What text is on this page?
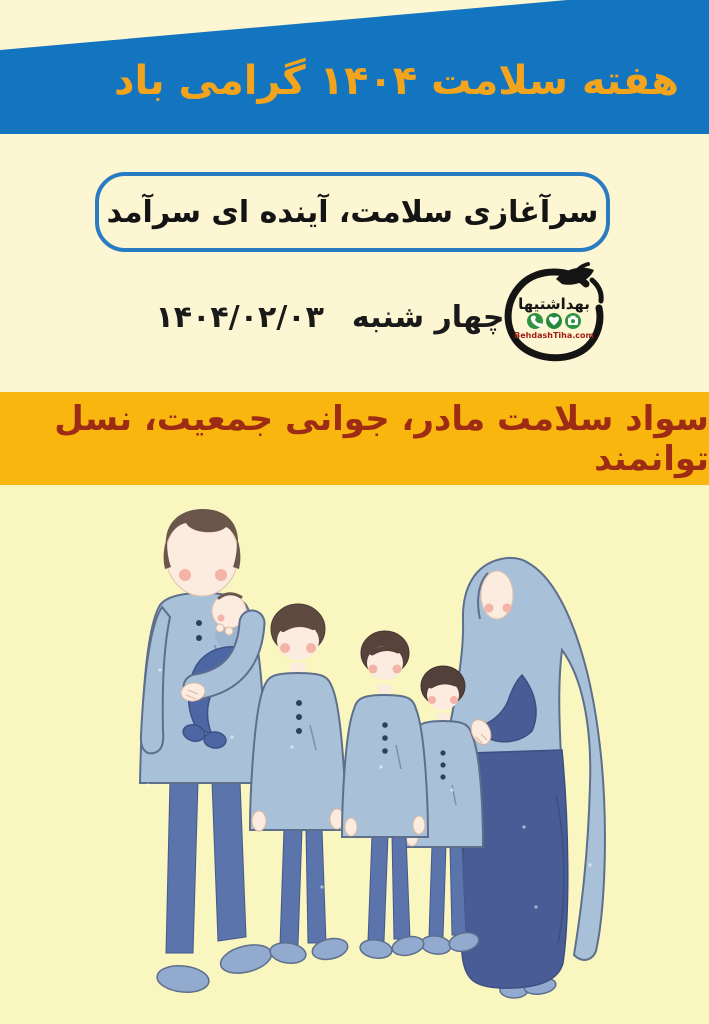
هفته سلامت ۱۴۰۴ گرامی باد
سرآغازی سلامت، آینده ای سرآمد
چهار شنبه
۱۴۰۴/۰۲/۰۳	بهداشتیها
BehdashTiha.com
سواد سلامت مادر، جوانی جمعیت، نسل توانمند
